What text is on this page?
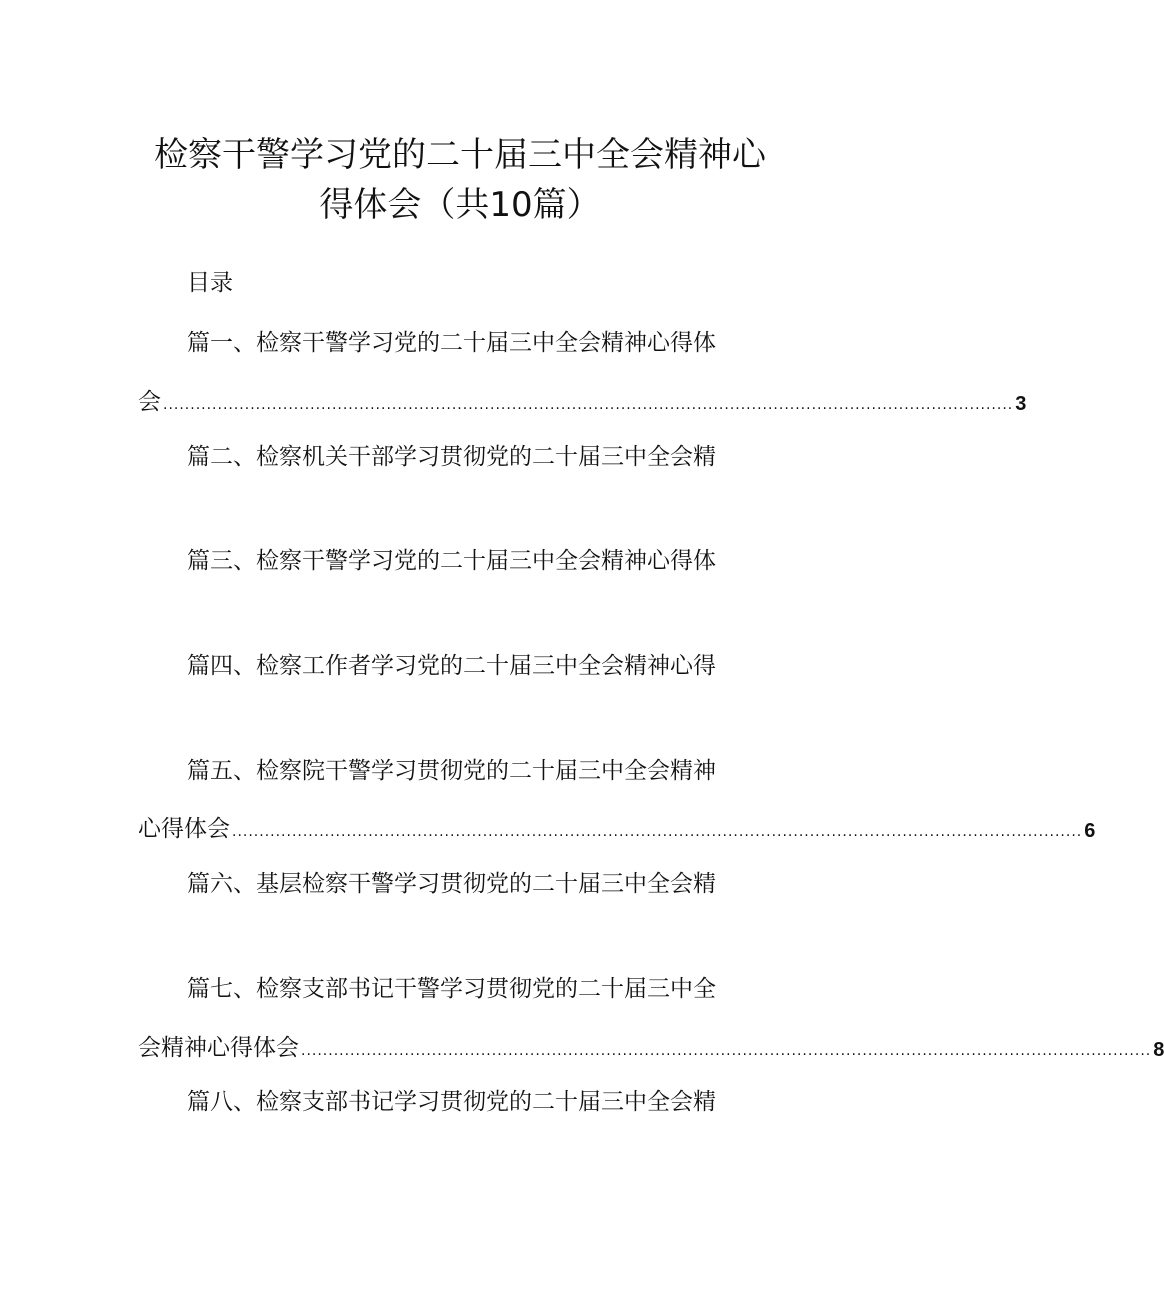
检察干警学习党的二十届三中全会精神心
得体会（共10篇）
目录
篇一、检察干警学习党的二十届三中全会精神心得体
会 ............................................................................................................................................................ 3
篇二、检察机关干部学习贯彻党的二十届三中全会精
篇三、检察干警学习党的二十届三中全会精神心得体
篇四、检察工作者学习党的二十届三中全会精神心得
篇五、检察院干警学习贯彻党的二十届三中全会精神
心得体会 ............................................................................................................................................................ 6
篇六、基层检察干警学习贯彻党的二十届三中全会精
篇七、检察支部书记干警学习贯彻党的二十届三中全
会精神心得体会 ............................................................................................................................................................ 8
篇八、检察支部书记学习贯彻党的二十届三中全会精
